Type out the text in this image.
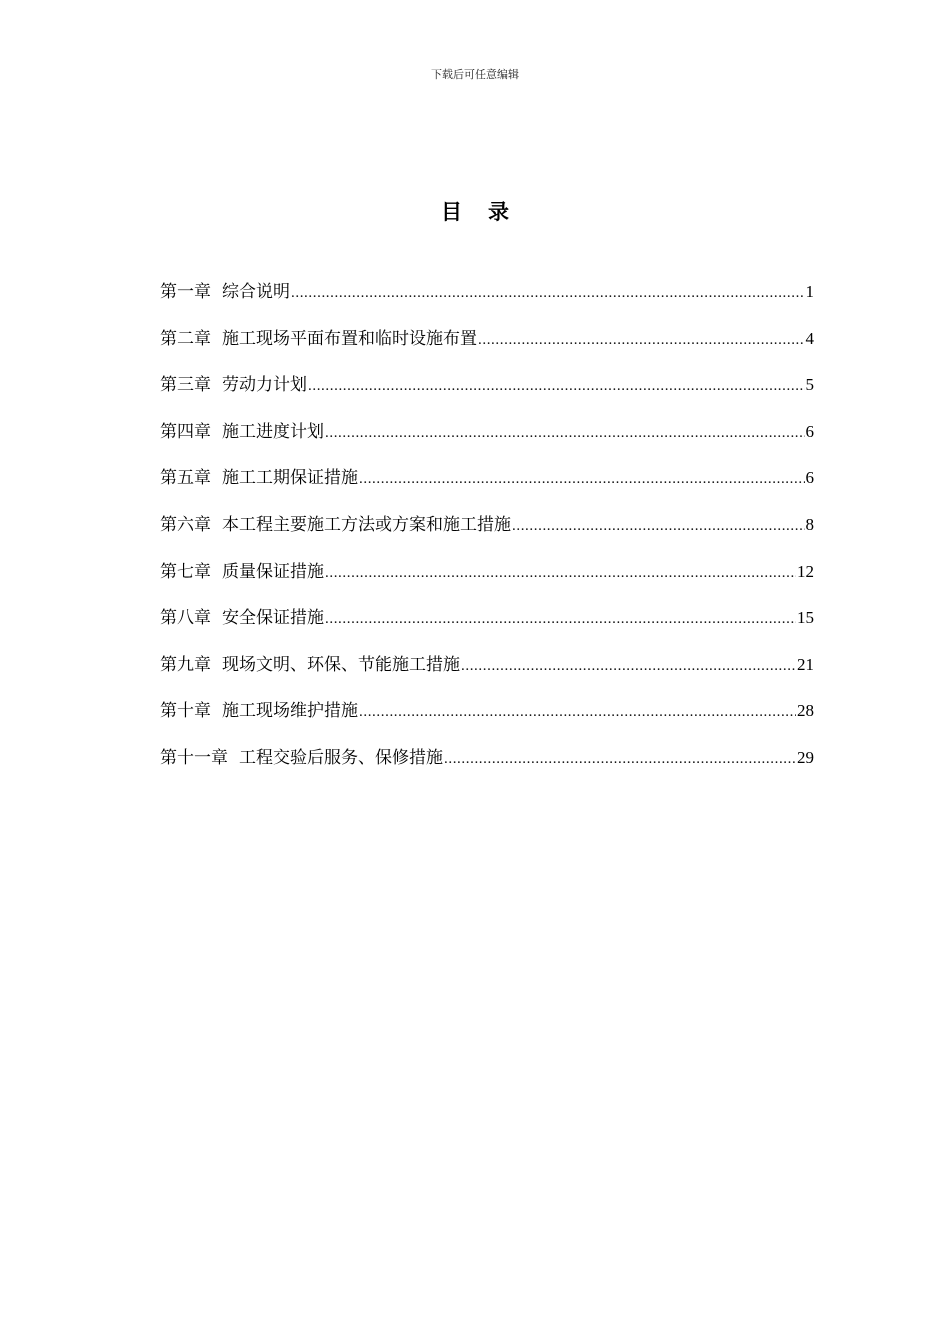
下载后可任意编辑
目录
第一章 综合说明 .....	1
第二章 施工现场平面布置和临时设施布置 .....	4
第三章 劳动力计划 .....	5
第四章 施工进度计划 .....	6
第五章 施工工期保证措施 .....	6
第六章 本工程主要施工方法或方案和施工措施 .....	8
第七章 质量保证措施 .....	12
第八章 安全保证措施 .....	15
第九章 现场文明、环保、节能施工措施 .....	21
第十章 施工现场维护措施 .....	28
第十一章 工程交验后服务、保修措施 .....	29
